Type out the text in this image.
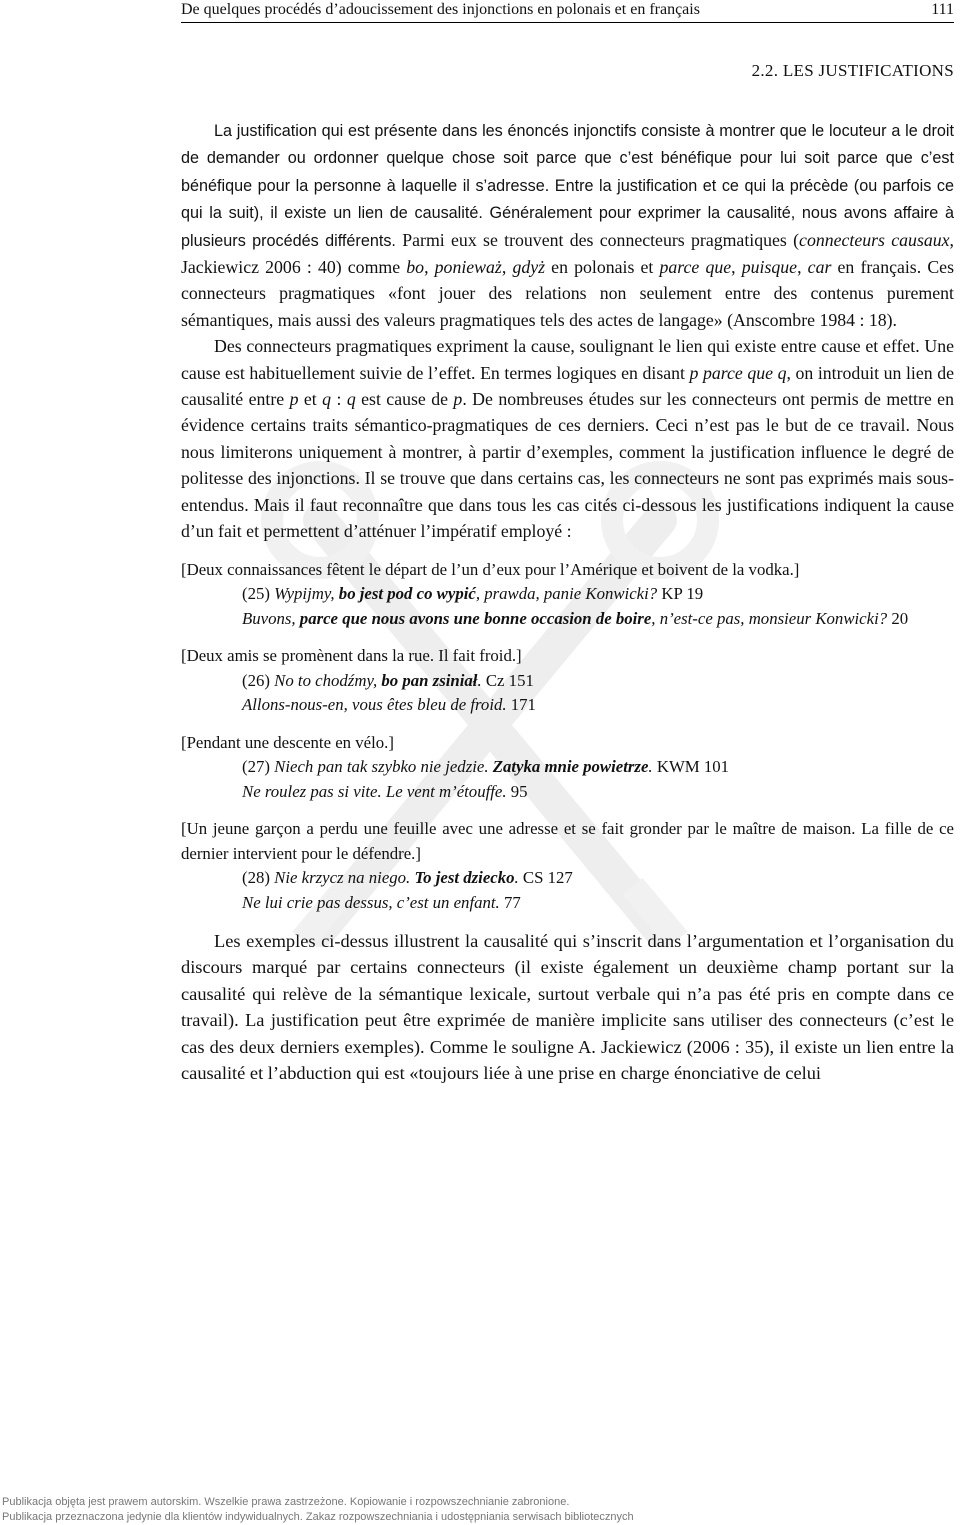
De quelques procédés d’adoucissement des injonctions en polonais et en français	111
2.2. LES JUSTIFICATIONS

La justification qui est présente dans les énoncés injonctifs consiste à montrer que le locuteur a le droit de demander ou ordonner quelque chose soit parce que c’est bénéfique pour lui soit parce que c’est bénéfique pour la personne à laquelle il s’adresse. Entre la justification et ce qui la précède (ou parfois ce qui la suit), il existe un lien de causalité. Généralement pour exprimer la causalité, nous avons affaire à plusieurs procédés différents. Parmi eux se trouvent des connecteurs pragmatiques (connecteurs causaux, Jackiewicz 2006 : 40) comme bo, ponieważ, gdyż en polonais et parce que, puisque, car en français. Ces connecteurs pragmatiques «font jouer des relations non seulement entre des contenus purement sémantiques, mais aussi des valeurs pragmatiques tels des actes de langage» (Anscombre 1984 : 18).

Des connecteurs pragmatiques expriment la cause, soulignant le lien qui existe entre cause et effet. Une cause est habituellement suivie de l’effet. En termes logiques en disant p parce que q, on introduit un lien de causalité entre p et q : q est cause de p. De nombreuses études sur les connecteurs ont permis de mettre en évidence certains traits sémantico-pragmatiques de ces derniers. Ceci n’est pas le but de ce travail. Nous nous limiterons uniquement à montrer, à partir d’exemples, comment la justification influence le degré de politesse des injonctions. Il se trouve que dans certains cas, les connecteurs ne sont pas exprimés mais sous-entendus. Mais il faut reconnaître que dans tous les cas cités ci-dessous les justifications indiquent la cause d’un fait et permettent d’atténuer l’impératif employé :

[Deux connaissances fêtent le départ de l’un d’eux pour l’Amérique et boivent de la vodka.]

(25) Wypijmy, bo jest pod co wypić, prawda, panie Konwicki? KP 19

Buvons, parce que nous avons une bonne occasion de boire, n’est-ce pas, monsieur Konwicki? 20

[Deux amis se promènent dans la rue. Il fait froid.]

(26) No to chodźmy, bo pan zsiniał. Cz 151

Allons-nous-en, vous êtes bleu de froid. 171

[Pendant une descente en vélo.]

(27) Niech pan tak szybko nie jedzie. Zatyka mnie powietrze. KWM 101

Ne roulez pas si vite. Le vent m’étouffe. 95

[Un jeune garçon a perdu une feuille avec une adresse et se fait gronder par le maître de maison. La fille de ce dernier intervient pour le défendre.]

(28) Nie krzycz na niego. To jest dziecko. CS 127

Ne lui crie pas dessus, c’est un enfant. 77

Les exemples ci-dessus illustrent la causalité qui s’inscrit dans l’argumentation et l’organisation du discours marqué par certains connecteurs (il existe également un deuxième champ portant sur la causalité qui relève de la sémantique lexicale, surtout verbale qui n’a pas été pris en compte dans ce travail). La justification peut être exprimée de manière implicite sans utiliser des connecteurs (c’est le cas des deux derniers exemples). Comme le souligne A. Jackiewicz (2006 : 35), il existe un lien entre la causalité et l’abduction qui est «toujours liée à une prise en charge énonciative de celui

Publikacja objęta jest prawem autorskim. Wszelkie prawa zastrzeżone. Kopiowanie i rozpowszechnianie zabronione.
Publikacja przeznaczona jedynie dla klientów indywidualnych. Zakaz rozpowszechniania i udostępniania serwisach bibliotecznych
